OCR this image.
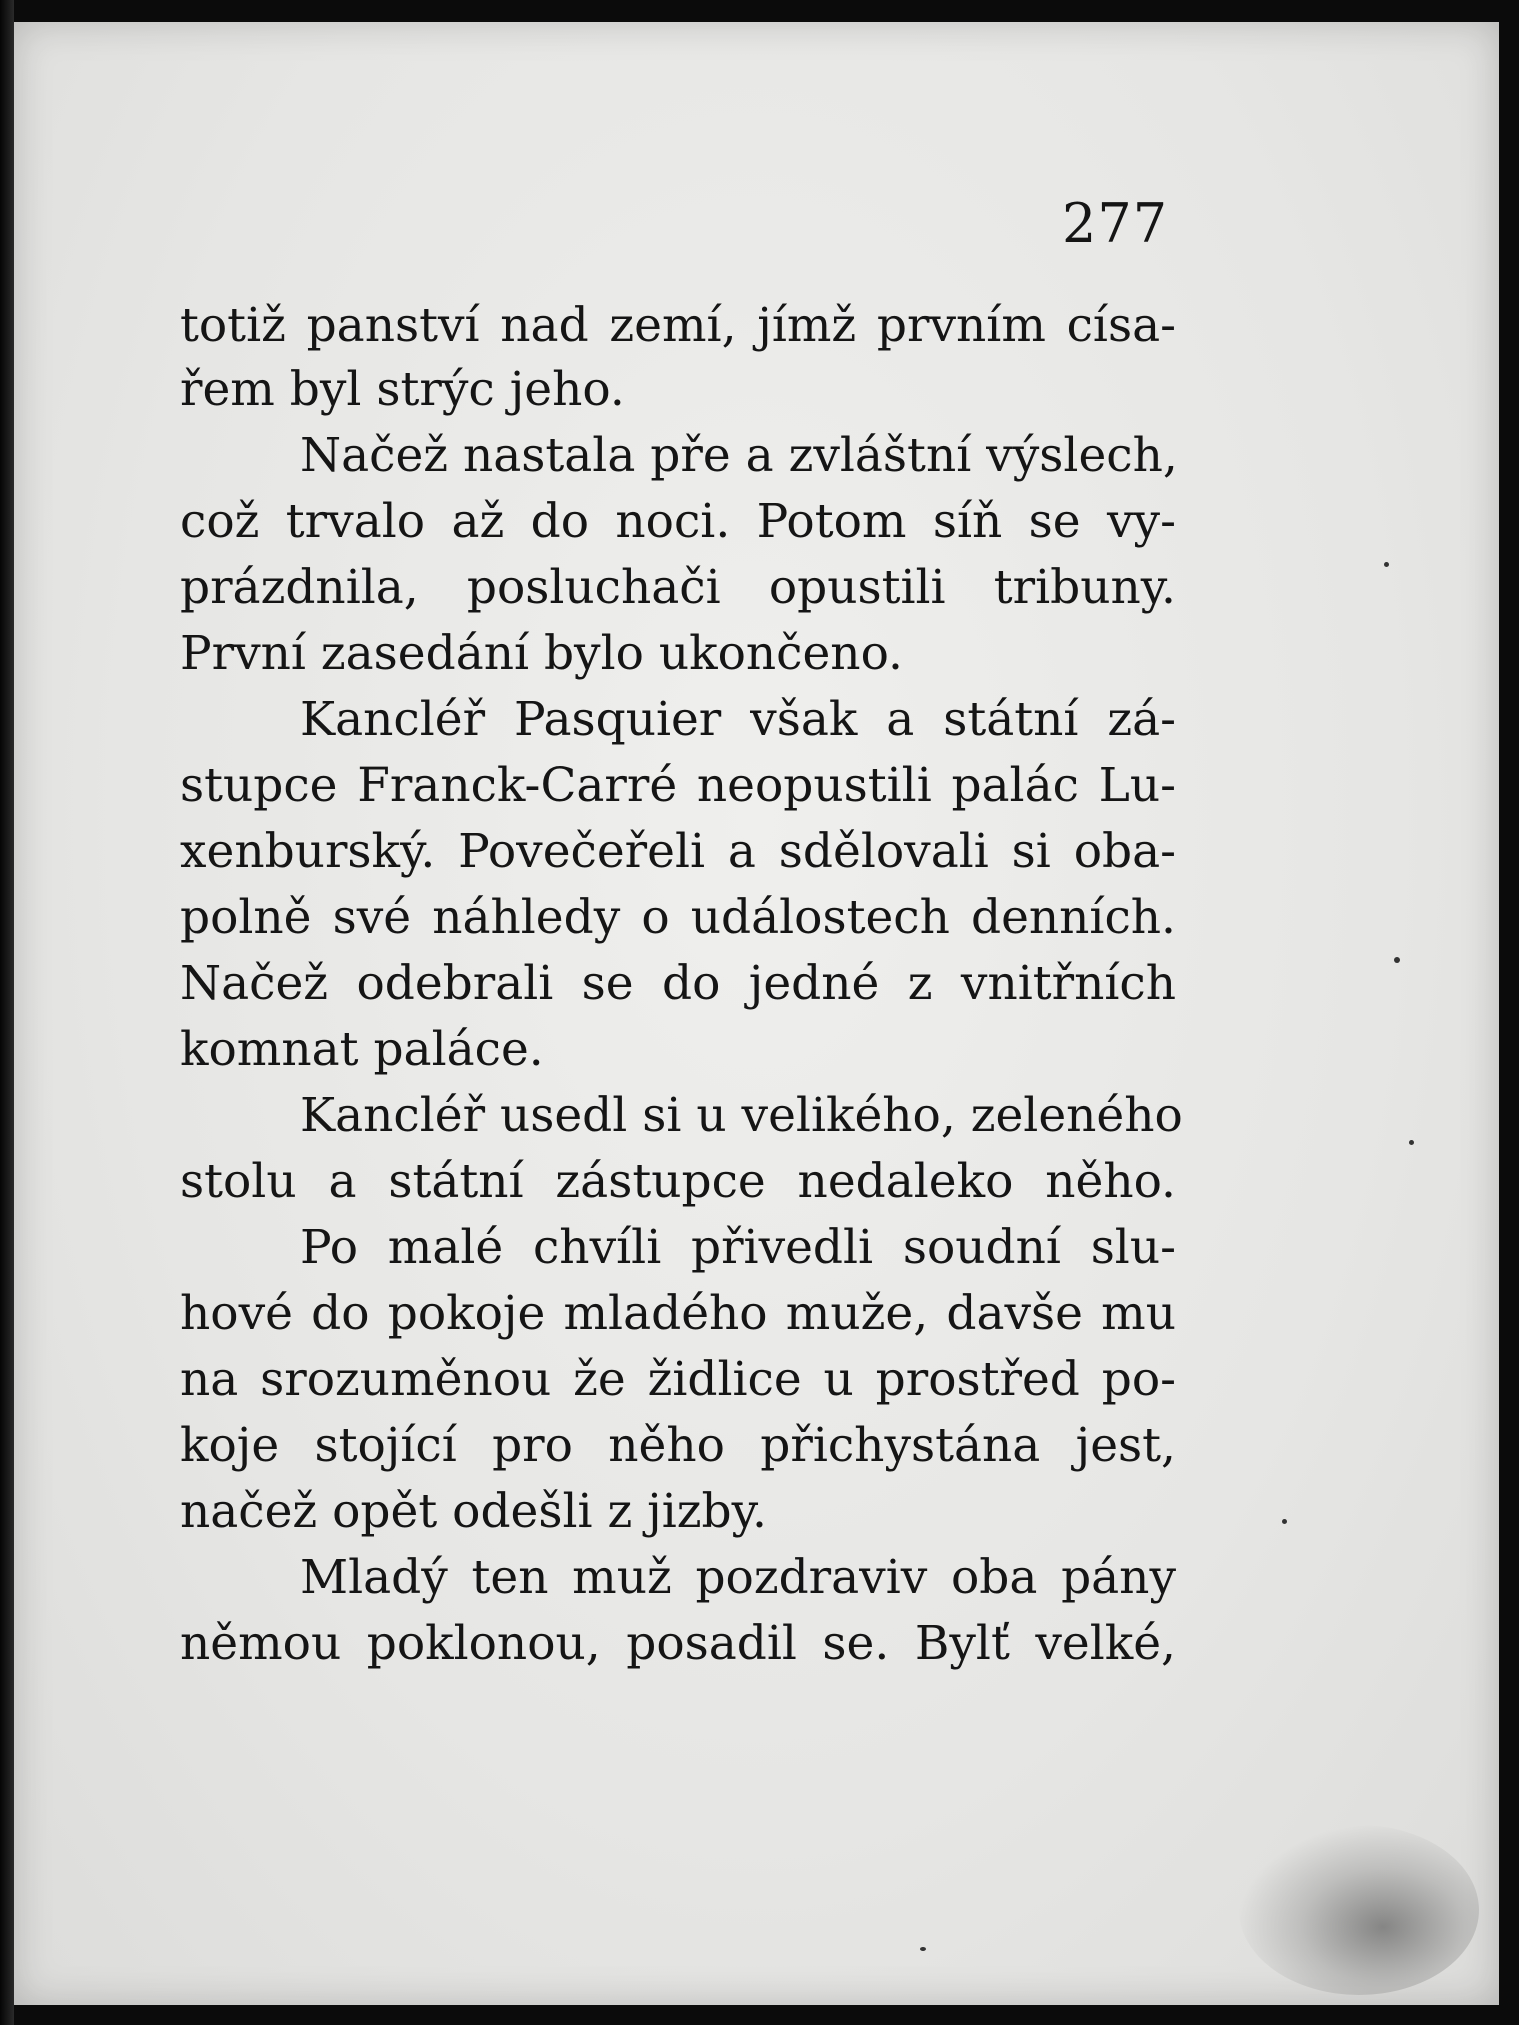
277
totiž panství nad zemí, jímž prvním císa-
řem byl strýc jeho.
Načež nastala pře a zvláštní výslech,
což trvalo až do noci. Potom síň se vy-
prázdnila, posluchači opustili tribuny.
První zasedání bylo ukončeno.
Kancléř Pasquier však a státní zá-
stupce Franck-Carré neopustili palác Lu-
xenburský. Povečeřeli a sdělovali si oba-
polně své náhledy o událostech denních.
Načež odebrali se do jedné z vnitřních
komnat paláce.
Kancléř usedl si u velikého, zeleného
stolu a státní zástupce nedaleko něho.
Po malé chvíli přivedli soudní slu-
hové do pokoje mladého muže, davše mu
na srozuměnou že židlice u prostřed po-
koje stojící pro něho přichystána jest,
načež opět odešli z jizby.
Mladý ten muž pozdraviv oba pány
němou poklonou, posadil se. Bylť velké,
